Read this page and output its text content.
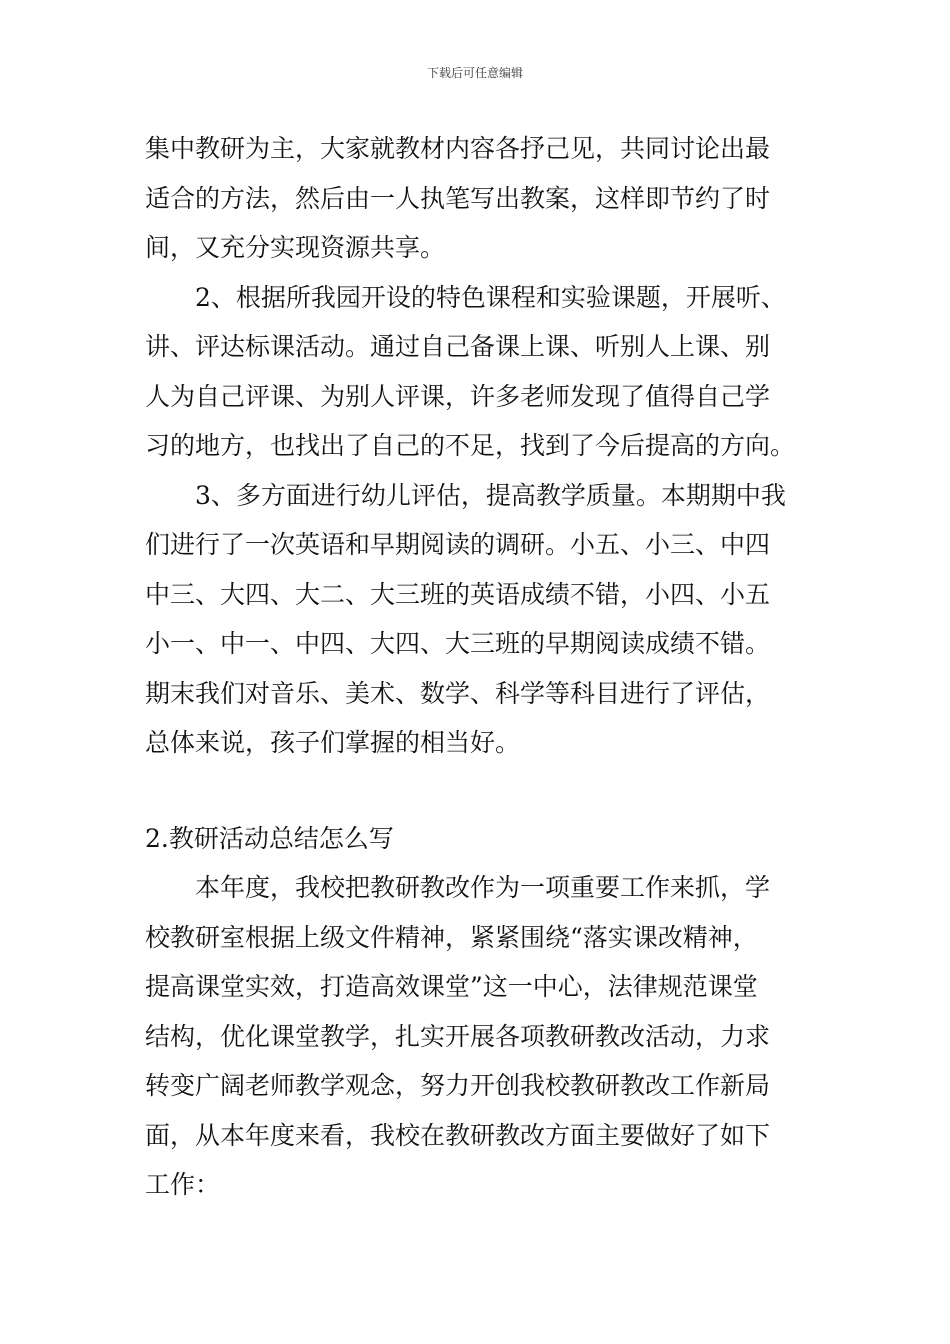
下载后可任意编辑
集中教研为主，大家就教材内容各抒己见，共同讨论出最
适合的方法，然后由一人执笔写出教案，这样即节约了时
间，又充分实现资源共享。
2、根据所我园开设的特色课程和实验课题，开展听、
讲、评达标课活动。通过自己备课上课、听别人上课、别
人为自己评课、为别人评课，许多老师发现了值得自己学
习的地方，也找出了自己的不足，找到了今后提高的方向。
3、多方面进行幼儿评估，提高教学质量。本期期中我
们进行了一次英语和早期阅读的调研。小五、小三、中四
中三、大四、大二、大三班的英语成绩不错，小四、小五
小一、中一、中四、大四、大三班的早期阅读成绩不错。
期末我们对音乐、美术、数学、科学等科目进行了评估，
总体来说，孩子们掌握的相当好。
2.教研活动总结怎么写
本年度，我校把教研教改作为一项重要工作来抓，学
校教研室根据上级文件精神，紧紧围绕“落实课改精神，
提高课堂实效，打造高效课堂”这一中心，法律规范课堂
结构，优化课堂教学，扎实开展各项教研教改活动，力求
转变广阔老师教学观念，努力开创我校教研教改工作新局
面，从本年度来看，我校在教研教改方面主要做好了如下
工作：
